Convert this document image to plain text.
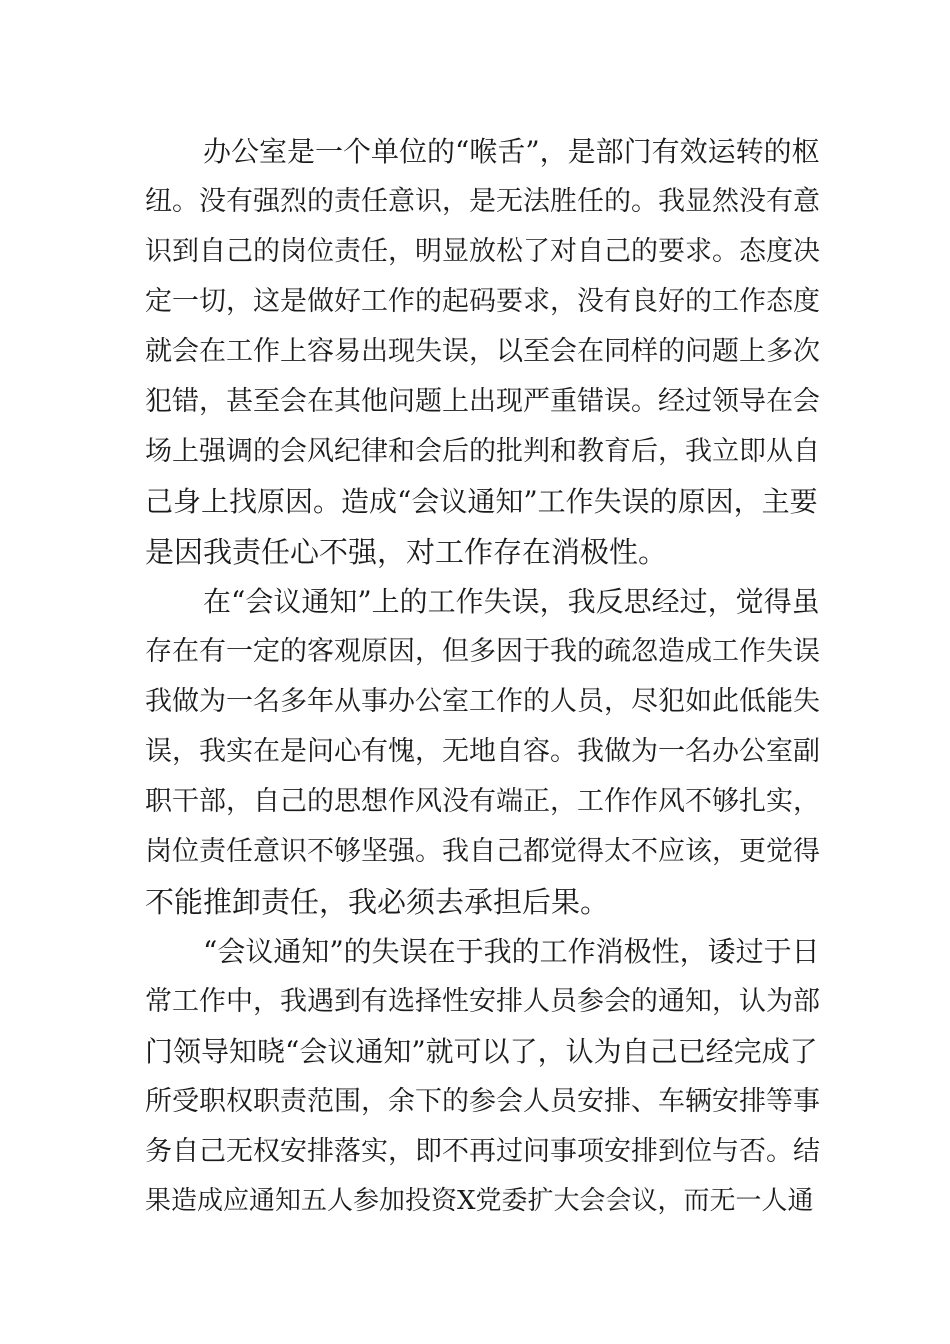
办公室是一个单位的“喉舌”，是部门有效运转的枢
纽。没有强烈的责任意识，是无法胜任的。我显然没有意
识到自己的岗位责任，明显放松了对自己的要求。态度决
定一切，这是做好工作的起码要求，没有良好的工作态度
就会在工作上容易出现失误，以至会在同样的问题上多次
犯错，甚至会在其他问题上出现严重错误。经过领导在会
场上强调的会风纪律和会后的批判和教育后，我立即从自
己身上找原因。造成“会议通知”工作失误的原因，主要
是因我责任心不强，对工作存在消极性。
在“会议通知”上的工作失误，我反思经过，觉得虽
存在有一定的客观原因，但多因于我的疏忽造成工作失误
我做为一名多年从事办公室工作的人员，尽犯如此低能失
误，我实在是问心有愧，无地自容。我做为一名办公室副
职干部，自己的思想作风没有端正，工作作风不够扎实，
岗位责任意识不够坚强。我自己都觉得太不应该，更觉得
不能推卸责任，我必须去承担后果。
“会议通知”的失误在于我的工作消极性，诿过于日
常工作中，我遇到有选择性安排人员参会的通知，认为部
门领导知晓“会议通知”就可以了，认为自己已经完成了
所受职权职责范围，余下的参会人员安排、车辆安排等事
务自己无权安排落实，即不再过问事项安排到位与否。结
果造成应通知五人参加投资X党委扩大会会议，而无一人通
